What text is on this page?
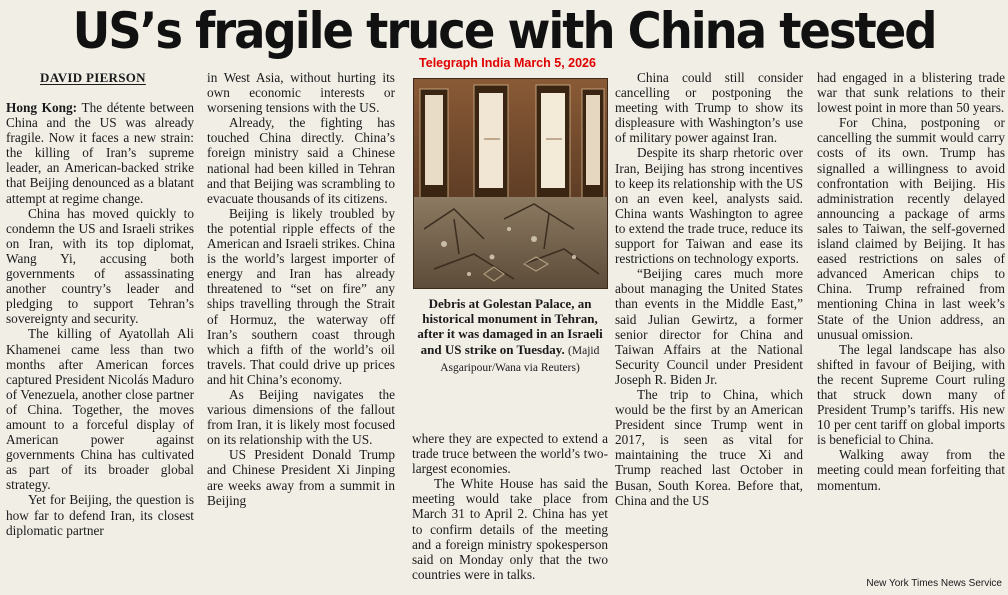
US’s fragile truce with China tested
DAVID PIERSON
Telegraph India March 5, 2026

Hong Kong: The détente between China and the US was already fragile. Now it faces a new strain: the killing of Iran’s supreme leader, an American-backed strike that Beijing denounced as a blatant attempt at regime change.

China has moved quickly to condemn the US and Israeli strikes on Iran, with its top diplomat, Wang Yi, accusing both governments of assassinating another country’s leader and pledging to support Tehran’s sovereignty and security.

The killing of Ayatollah Ali Khamenei came less than two months after American forces captured President Nicolás Maduro of Venezuela, another close partner of China. Together, the moves amount to a forceful display of American power against governments China has cultivated as part of its broader global strategy.

Yet for Beijing, the question is how far to defend Iran, its closest diplomatic partner

in West Asia, without hurting its own economic interests or worsening tensions with the US.

Already, the fighting has touched China directly. China’s foreign ministry said a Chinese national had been killed in Tehran and that Beijing was scrambling to evacuate thousands of its citizens.

Beijing is likely troubled by the potential ripple effects of the American and Israeli strikes. China is the world’s largest importer of energy and Iran has already threatened to “set on fire” any ships travelling through the Strait of Hormuz, the waterway off Iran’s southern coast through which a fifth of the world’s oil travels. That could drive up prices and hit China’s economy.

As Beijing navigates the various dimensions of the fallout from Iran, it is likely most focused on its relationship with the US.

US President Donald Trump and Chinese President Xi Jinping are weeks away from a summit in Beijing

Debris at Golestan Palace, an historical monument in Tehran, after it was damaged in an Israeli and US strike on Tuesday. (Majid Asgaripour/Wana via Reuters)

where they are expected to extend a trade truce between the world’s two-largest economies.

The White House has said the meeting would take place from March 31 to April 2. China has yet to confirm details of the meeting and a foreign ministry spokesperson said on Monday only that the two countries were in talks.

China could still consider cancelling or postponing the meeting with Trump to show its displeasure with Washington’s use of military power against Iran.

Despite its sharp rhetoric over Iran, Beijing has strong incentives to keep its relationship with the US on an even keel, analysts said. China wants Washington to agree to extend the trade truce, reduce its support for Taiwan and ease its restrictions on technology exports.

“Beijing cares much more about managing the United States than events in the Middle East,” said Julian Gewirtz, a former senior director for China and Taiwan Affairs at the National Security Council under President Joseph R. Biden Jr.

The trip to China, which would be the first by an American President since Trump went in 2017, is seen as vital for maintaining the truce Xi and Trump reached last October in Busan, South Korea. Before that, China and the US

had engaged in a blistering trade war that sunk relations to their lowest point in more than 50 years.

For China, postponing or cancelling the summit would carry costs of its own. Trump has signalled a willingness to avoid confrontation with Beijing. His administration recently delayed announcing a package of arms sales to Taiwan, the self-governed island claimed by Beijing. It has eased restrictions on sales of advanced American chips to China. Trump refrained from mentioning China in last week’s State of the Union address, an unusual omission.

The legal landscape has also shifted in favour of Beijing, with the recent Supreme Court ruling that struck down many of President Trump’s tariffs. His new 10 per cent tariff on global imports is beneficial to China.

Walking away from the meeting could mean forfeiting that momentum.

New York Times News Service
